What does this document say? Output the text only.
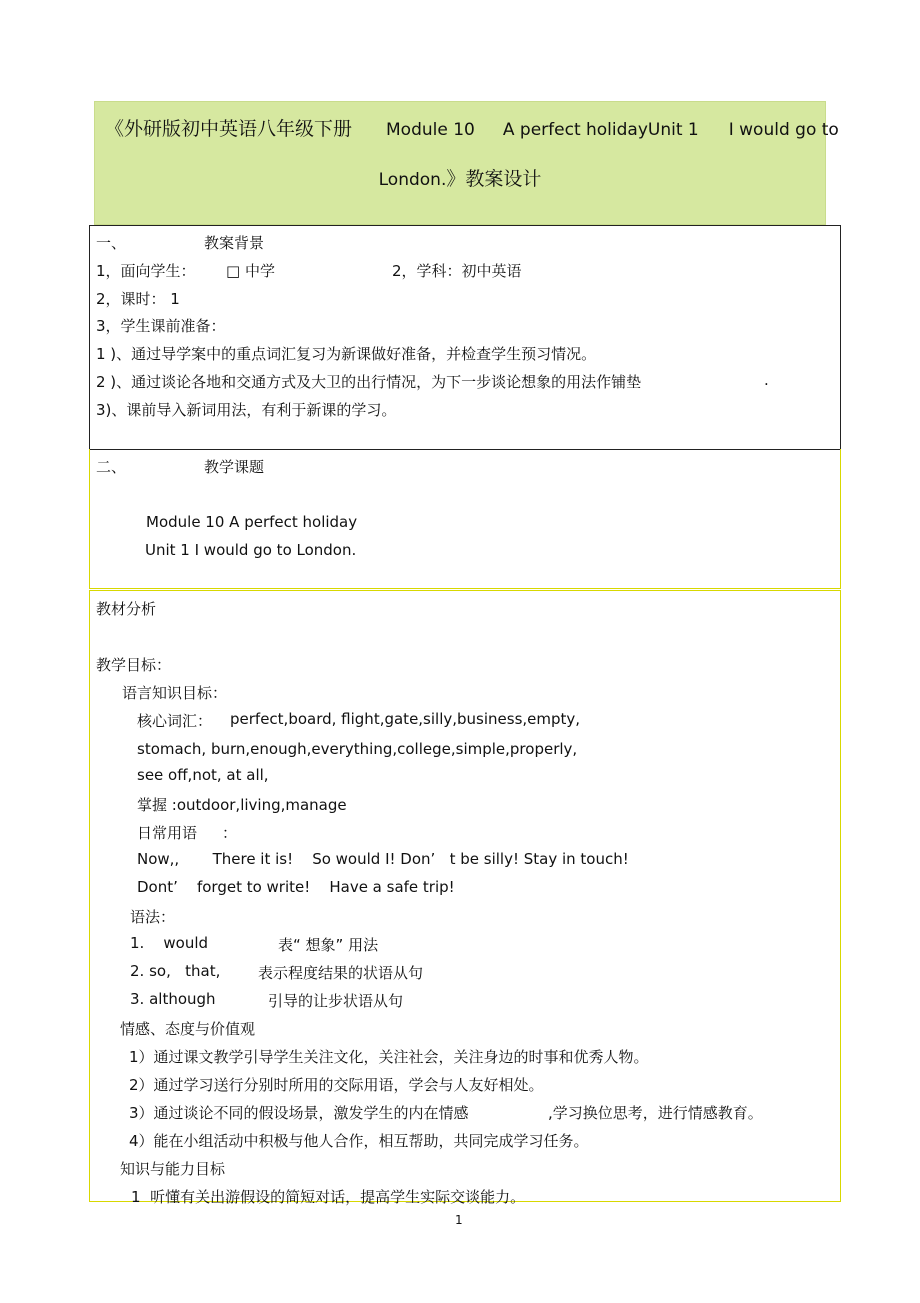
《外研版初中英语八年级下册 Module 10 A perfect holidayUnit 1 I would go to
London.》教案设计
一、	教案背景
1，面向学生： □ 中学	2，学科：初中英语
2，课时： 1
3，学生课前准备：
1 )、通过导学案中的重点词汇复习为新课做好准备，并检查学生预习情况。
2 )、通过谈论各地和交通方式及大卫的出行情况，为下一步谈论想象的用法作铺垫	.
3)、课前导入新词用法，有利于新课的学习。
二、	教学课题
Module 10 A perfect holiday
Unit 1 I would go to London.
教材分析
教学目标：
语言知识目标：
核心词汇： perfect,board, flight,gate,silly,business,empty,
stomach, burn,enough,everything,college,simple,properly,
see off,not, at all,
掌握 :outdoor,living,manage
日常用语 ：
Now,,       There it is!    So would I! Don’   t be silly! Stay in touch!
Dont’    forget to write!    Have a safe trip!
语法：
1.    would	表“ 想象” 用法
2. so,   that,	表示程度结果的状语从句
3. although	引导的让步状语从句
情感、态度与价值观
1）通过课文教学引导学生关注文化，关注社会，关注身边的时事和优秀人物。
2）通过学习送行分别时所用的交际用语，学会与人友好相处。
3）通过谈论不同的假设场景，激发学生的内在情感	,学习换位思考，进行情感教育。
4）能在小组活动中积极与他人合作，相互帮助，共同完成学习任务。
知识与能力目标
1  听懂有关出游假设的简短对话，提高学生实际交谈能力。
1
